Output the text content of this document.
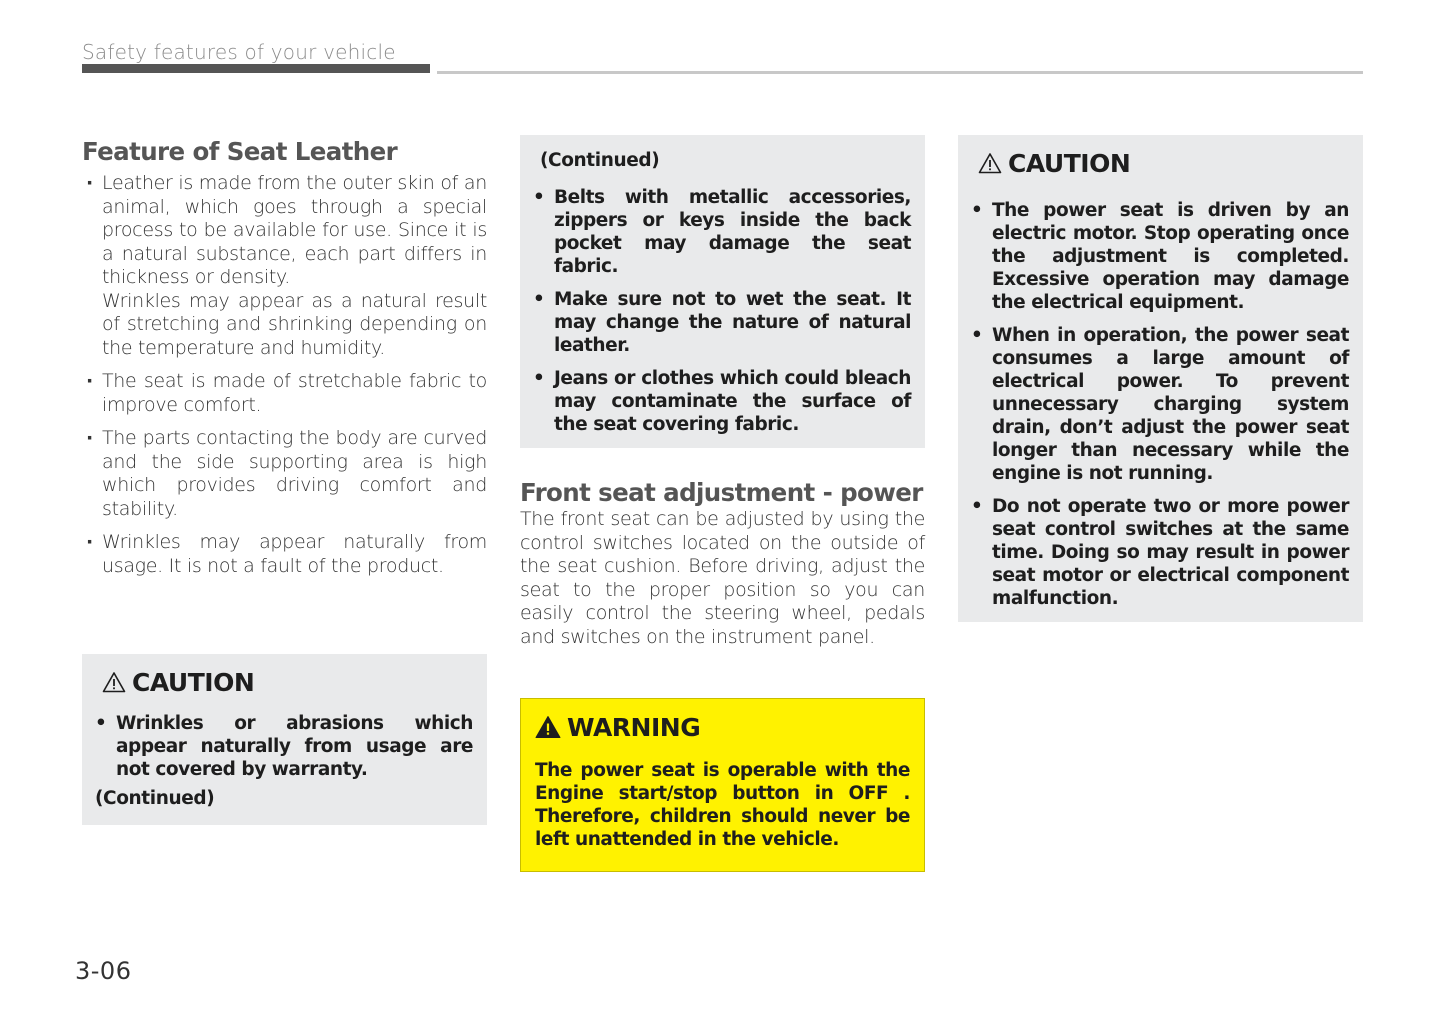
Safety features of your vehicle
Feature of Seat Leather
· Leather is made from the outer skin of an animal, which goes through a special process to be available for use. Since it is a natural substance, each part differs in thickness or density.
Wrinkles may appear as a natural result of stretching and shrinking depending on the temperature and humidity.
· The seat is made of stretchable fabric to improve comfort.
· The parts contacting the body are curved and the side supporting area is high which provides driving comfort and stability.
· Wrinkles may appear naturally from usage. It is not a fault of the product.
CAUTION
• Wrinkles or abrasions which appear naturally from usage are not covered by warranty.
(Continued)
(Continued)
• Belts with metallic accessories, zippers or keys inside the back pocket may damage the seat fabric.
• Make sure not to wet the seat. It may change the nature of natural leather.
• Jeans or clothes which could bleach may contaminate the surface of the seat covering fabric.
Front seat adjustment - power
The front seat can be adjusted by using the control switches located on the outside of the seat cushion. Before driving, adjust the seat to the proper position so you can easily control the steering wheel, pedals and switches on the instrument panel.
WARNING
The power seat is operable with the Engine start/stop button in OFF . Therefore, children should never be left unattended in the vehicle.
CAUTION
• The power seat is driven by an electric motor. Stop operating once the adjustment is completed. Excessive operation may damage the electrical equipment.
• When in operation, the power seat consumes a large amount of electrical power. To prevent unnecessary charging system drain, don’t adjust the power seat longer than necessary while the engine is not running.
• Do not operate two or more power seat control switches at the same time. Doing so may result in power seat motor or electrical component malfunction.
3-06
